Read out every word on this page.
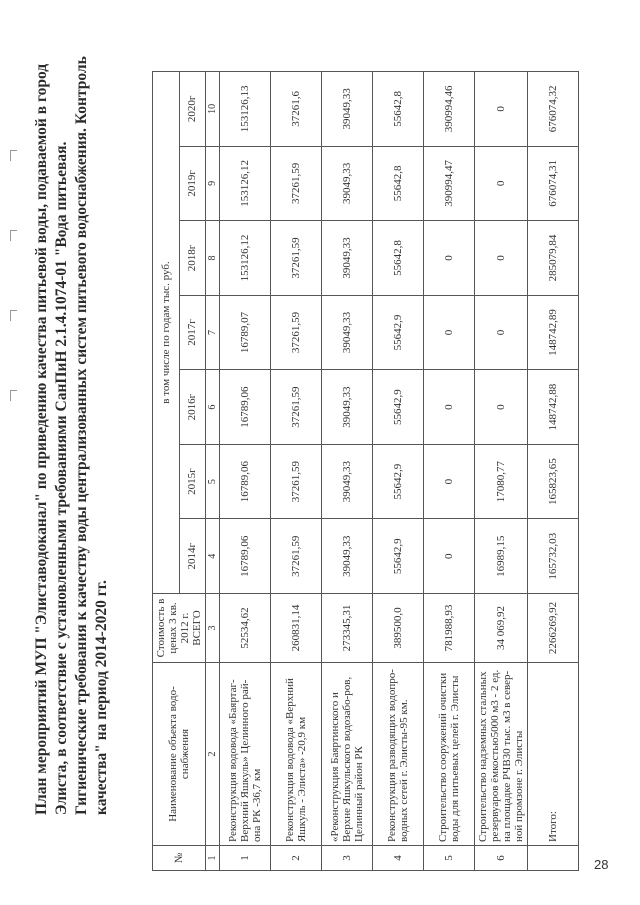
План мероприятий МУП "Элиставодоканал" по приведению качества питьевой воды, подаваемой в город Элиста, в соответствие с установленными требованиями СанПиН 2.1.4.1074-01 "Вода питьевая. Гигиенические требования к качеству воды централизованных систем питьевого водоснабжения. Контроль качества" на период 2014-2020 гг.
№	Наименование объекта водо-снабжения	Стоимость в ценах 3 кв. 2012 г. ВСЕГО	в том числе по годам тыс. руб.						
			2014г	2015г	2016г	2017г	2018г	2019г	2020г
1	2	3	4	5	6	7	8	9	10
1	Реконструкция водовода «Баяртаг-Верхний Яшкуль» Целинного рай-она РК -36,7 км	52534,62	16789,06	16789,06	16789,06	16789,07	153126,12	153126,12	153126,13
2	Реконструкция водовода «Верхний Яшкуль - Элиста» -20,9 км	260831,14	37261,59	37261,59	37261,59	37261,59	37261,59	37261,59	37261,6
3	«Реконструкция Баяртинского и Верхне Яшкульского водозабо-ров, Целинный район РК	273345,31	39049,33	39049,33	39049,33	39049,33	39049,33	39049,33	39049,33
4	Реконструкция разводящих водопро-водных сетей г. Элисты-95 км.	389500,0	55642,9	55642,9	55642,9	55642,9	55642,8	55642,8	55642,8
5	Строительство сооружений очистки воды для питьевых целей г. Элисты	781988,93	0	0	0	0	0	390994,47	390994,46
6	Строительство надземных стальных резервуаров ёмкостью5000 м3 - 2 ед. на площадке РЧВ30 тыс. м3 в север-ной промзоне г. Элисты	34 069,92	16989,15	17080,77	0	0	0	0	0
	Итого:	2266269,92	165732,03	165823,65	148742,88	148742,89	285079,84	676074,31	676074,32
28
